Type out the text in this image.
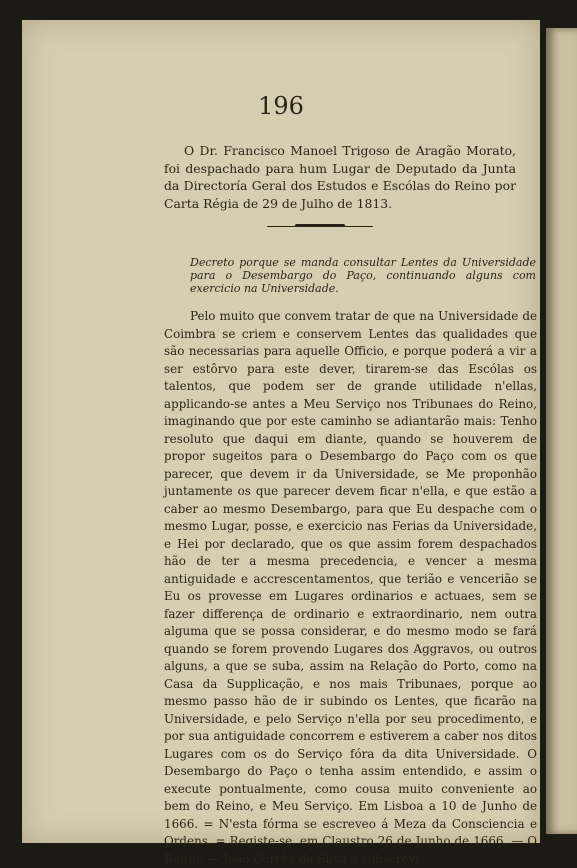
196
O Dr. Francisco Manoel Trigoso de Aragão Morato, foi despachado para hum Lugar de Deputado da Junta da Directoría Geral dos Estudos e Escólas do Reino por Carta Régia de 29 de Julho de 1813.
Decreto porque se manda consultar Lentes da Universidade para o Desembargo do Paço, continuando alguns com exercicio na Universidade.
Pelo muito que convem tratar de que na Universidade de Coimbra se criem e conservem Lentes das qualidades que são necessarias para aquelle Officio, e porque poderá a vir a ser estôrvo para este dever, tirarem-se das Escólas os talentos, que podem ser de grande utilidade n'ellas, applicando-se antes a Meu Serviço nos Tribunaes do Reino, imaginando que por este caminho se adiantarão mais: Tenho resoluto que daqui em diante, quando se houverem de propor sugeitos para o Desembargo do Paço com os que parecer, que devem ir da Universidade, se Me proponhão juntamente os que parecer devem ficar n'ella, e que estão a caber ao mesmo Desembargo, para que Eu despache com o mesmo Lugar, posse, e exercicio nas Ferias da Universidade, e Hei por declarado, que os que assim forem despachados hão de ter a mesma precedencia, e vencer a mesma antiguidade e accrescentamentos, que terião e vencerião se Eu os provesse em Lugares ordinarios e actuaes, sem se fazer differença de ordinario e extraordinario, nem outra alguma que se possa considerar, e do mesmo modo se fará quando se forem provendo Lugares dos Aggravos, ou outros alguns, a que se suba, assim na Relação do Porto, como na Casa da Supplicação, e nos mais Tribunaes, porque ao mesmo passo hão de ir subindo os Lentes, que ficarão na Universidade, e pelo Serviço n'ella por seu procedimento, e por sua antiguidade concorrem e estiverem a caber nos ditos Lugares com os do Serviço fóra da dita Universidade. O Desembargo do Paço o tenha assim entendido, e assim o execute pontualmente, como cousa muito conveniente ao bem do Reino, e Meu Serviço. Em Lisboa a 10 de Junho de 1666. = N'esta fórma se escreveo á Meza da Consciencia e Ordens. = Registe-se, em Claustro 26 de Junho de 1666. — O Reitor. — João Corrêa da Silva a subscrevi.
